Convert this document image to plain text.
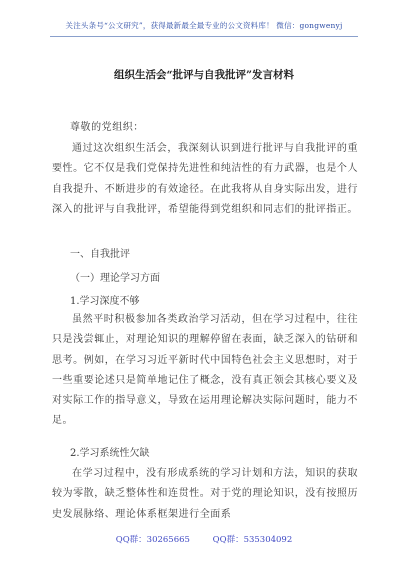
关注头条号“公文研究”，获得最新最全最专业的公文资料库！ 微信：gongwenyj
组织生活会“批评与自我批评”发言材料
尊敬的党组织：
通过这次组织生活会，我深刻认识到进行批评与自我批评的重要性。它不仅是我们党保持先进性和纯洁性的有力武器，也是个人自我提升、不断进步的有效途径。在此我将从自身实际出发，进行深入的批评与自我批评，希望能得到党组织和同志们的批评指正。
一、自我批评
（一）理论学习方面
1.学习深度不够
虽然平时积极参加各类政治学习活动，但在学习过程中，往往只是浅尝辄止，对理论知识的理解停留在表面，缺乏深入的钻研和思考。例如，在学习习近平新时代中国特色社会主义思想时，对于一些重要论述只是简单地记住了概念，没有真正领会其核心要义及对实际工作的指导意义，导致在运用理论解决实际问题时，能力不足。
2.学习系统性欠缺
在学习过程中，没有形成系统的学习计划和方法，知识的获取较为零散，缺乏整体性和连贯性。对于党的理论知识，没有按照历史发展脉络、理论体系框架进行全面系
QQ群：30265665	QQ群：535304092
